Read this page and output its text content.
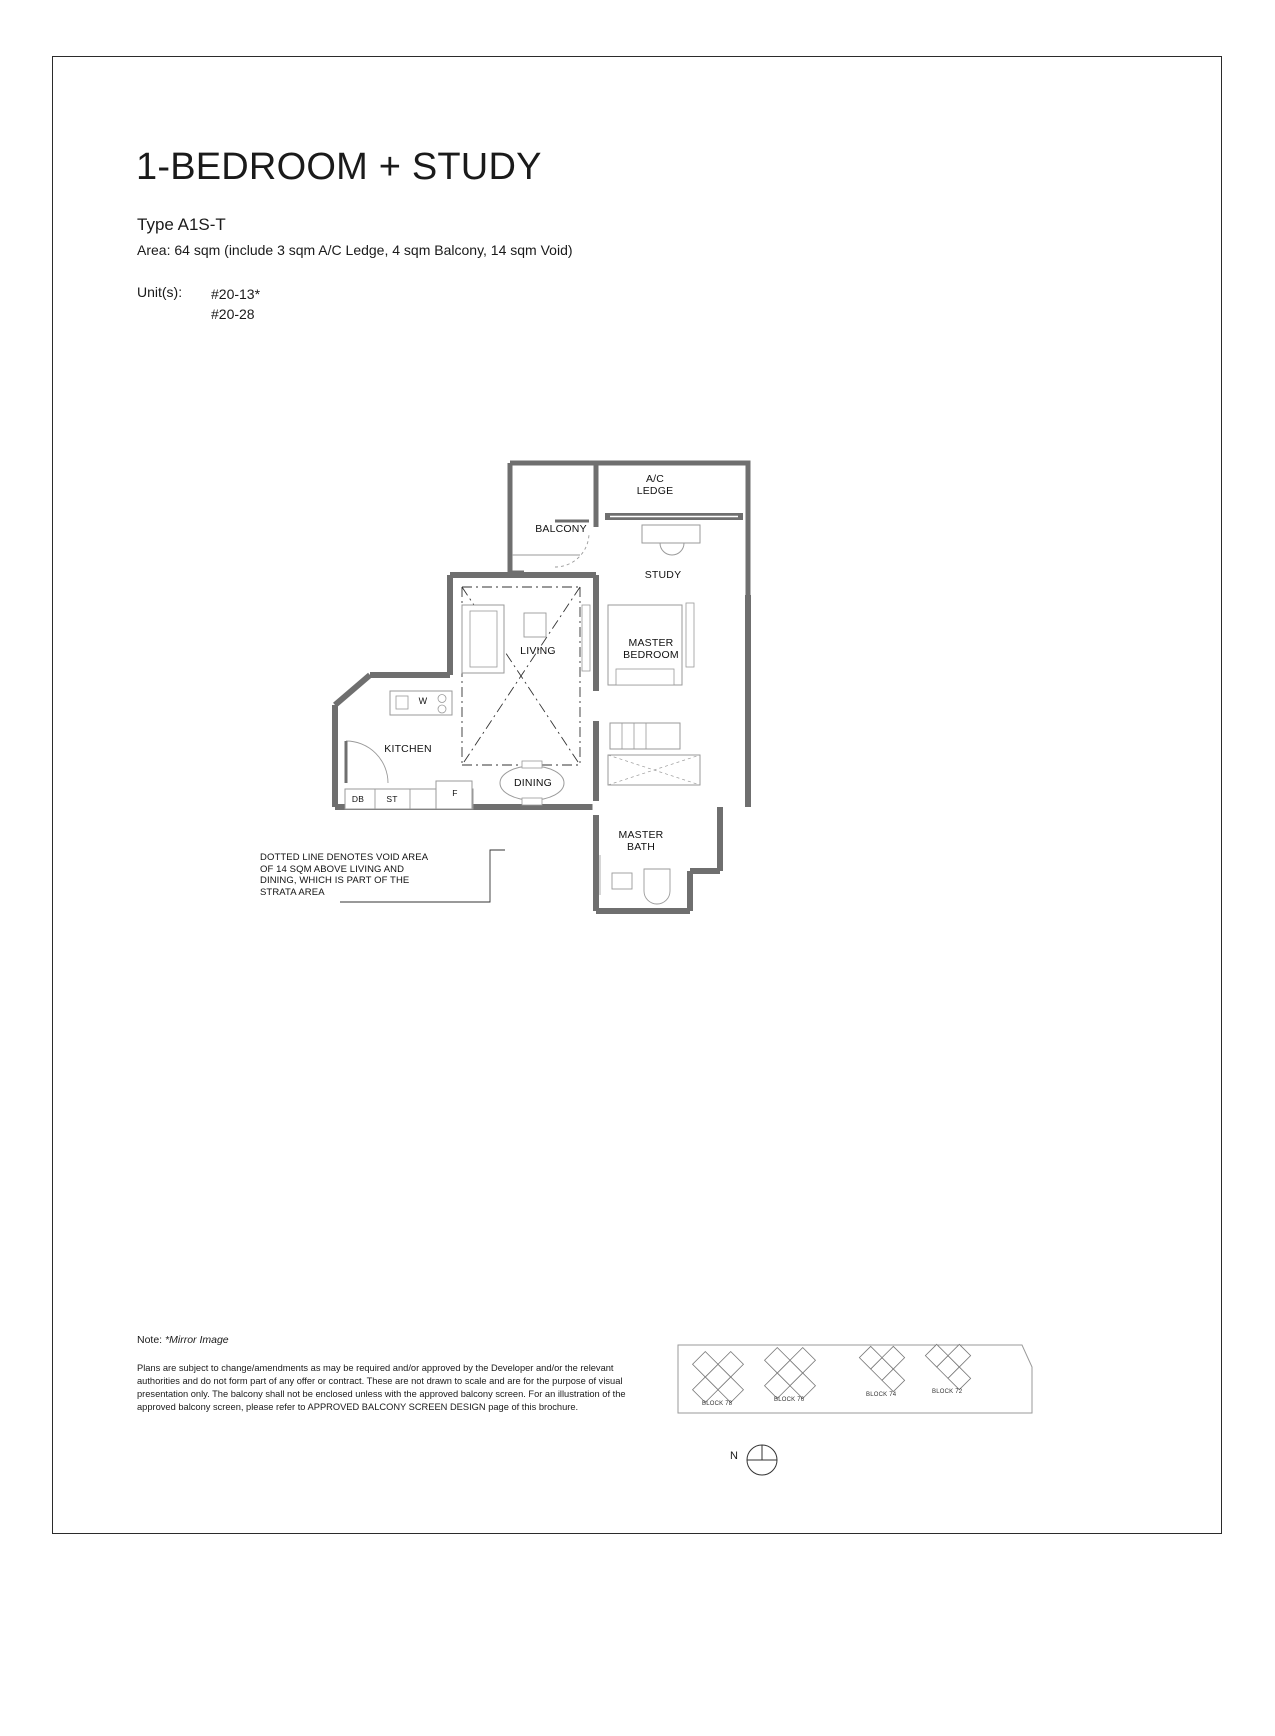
1-BEDROOM + STUDY
Type A1S-T
Area: 64 sqm (include 3 sqm A/C Ledge, 4 sqm Balcony, 14 sqm Void)
Unit(s): #20-13*
#20-28
A/C
LEDGE
BALCONY
STUDY
LIVING
MASTER
BEDROOM
KITCHEN
DINING
MASTER
BATH
W
DB	ST
F
DOTTED LINE DENOTES VOID AREA
OF 14 SQM ABOVE LIVING AND
DINING, WHICH IS PART OF THE
STRATA AREA
Note: *Mirror Image
Plans are subject to change/amendments as may be required and/or approved by the Developer and/or the relevant authorities and do not form part of any offer or contract. These are not drawn to scale and are for the purpose of visual presentation only. The balcony shall not be enclosed unless with the approved balcony screen. For an illustration of the approved balcony screen, please refer to APPROVED BALCONY SCREEN DESIGN page of this brochure.	BLOCK 78
BLOCK 76
BLOCK 74	BLOCK 72
N
